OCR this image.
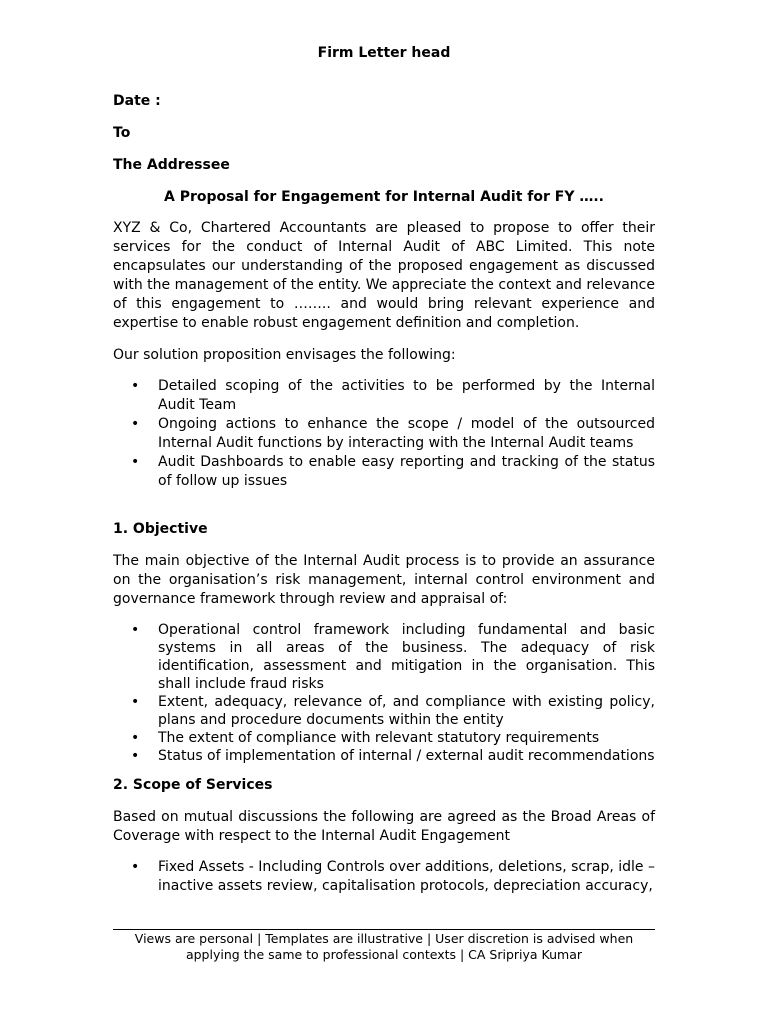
Firm Letter head
Date :
To
The Addressee
A Proposal for Engagement for Internal Audit for FY …..
XYZ & Co, Chartered Accountants are pleased to propose to offer their services for the conduct of Internal Audit of ABC Limited. This note encapsulates our understanding of the proposed engagement as discussed with the management of the entity. We appreciate the context and relevance of this engagement to …….. and would bring relevant experience and expertise to enable robust engagement definition and completion.
Our solution proposition envisages the following:
• Detailed scoping of the activities to be performed by the Internal Audit Team
• Ongoing actions to enhance the scope / model of the outsourced Internal Audit functions by interacting with the Internal Audit teams
• Audit Dashboards to enable easy reporting and tracking of the status of follow up issues
1. Objective
The main objective of the Internal Audit process is to provide an assurance on the organisation’s risk management, internal control environment and governance framework through review and appraisal of:
• Operational control framework including fundamental and basic systems in all areas of the business. The adequacy of risk identification, assessment and mitigation in the organisation. This shall include fraud risks
• Extent, adequacy, relevance of, and compliance with existing policy, plans and procedure documents within the entity
• The extent of compliance with relevant statutory requirements
• Status of implementation of internal / external audit recommendations
2. Scope of Services
Based on mutual discussions the following are agreed as the Broad Areas of Coverage with respect to the Internal Audit Engagement
• Fixed Assets - Including Controls over additions, deletions, scrap, idle – inactive assets review, capitalisation protocols, depreciation accuracy,
Views are personal | Templates are illustrative | User discretion is advised when
applying the same to professional contexts | CA Sripriya Kumar
